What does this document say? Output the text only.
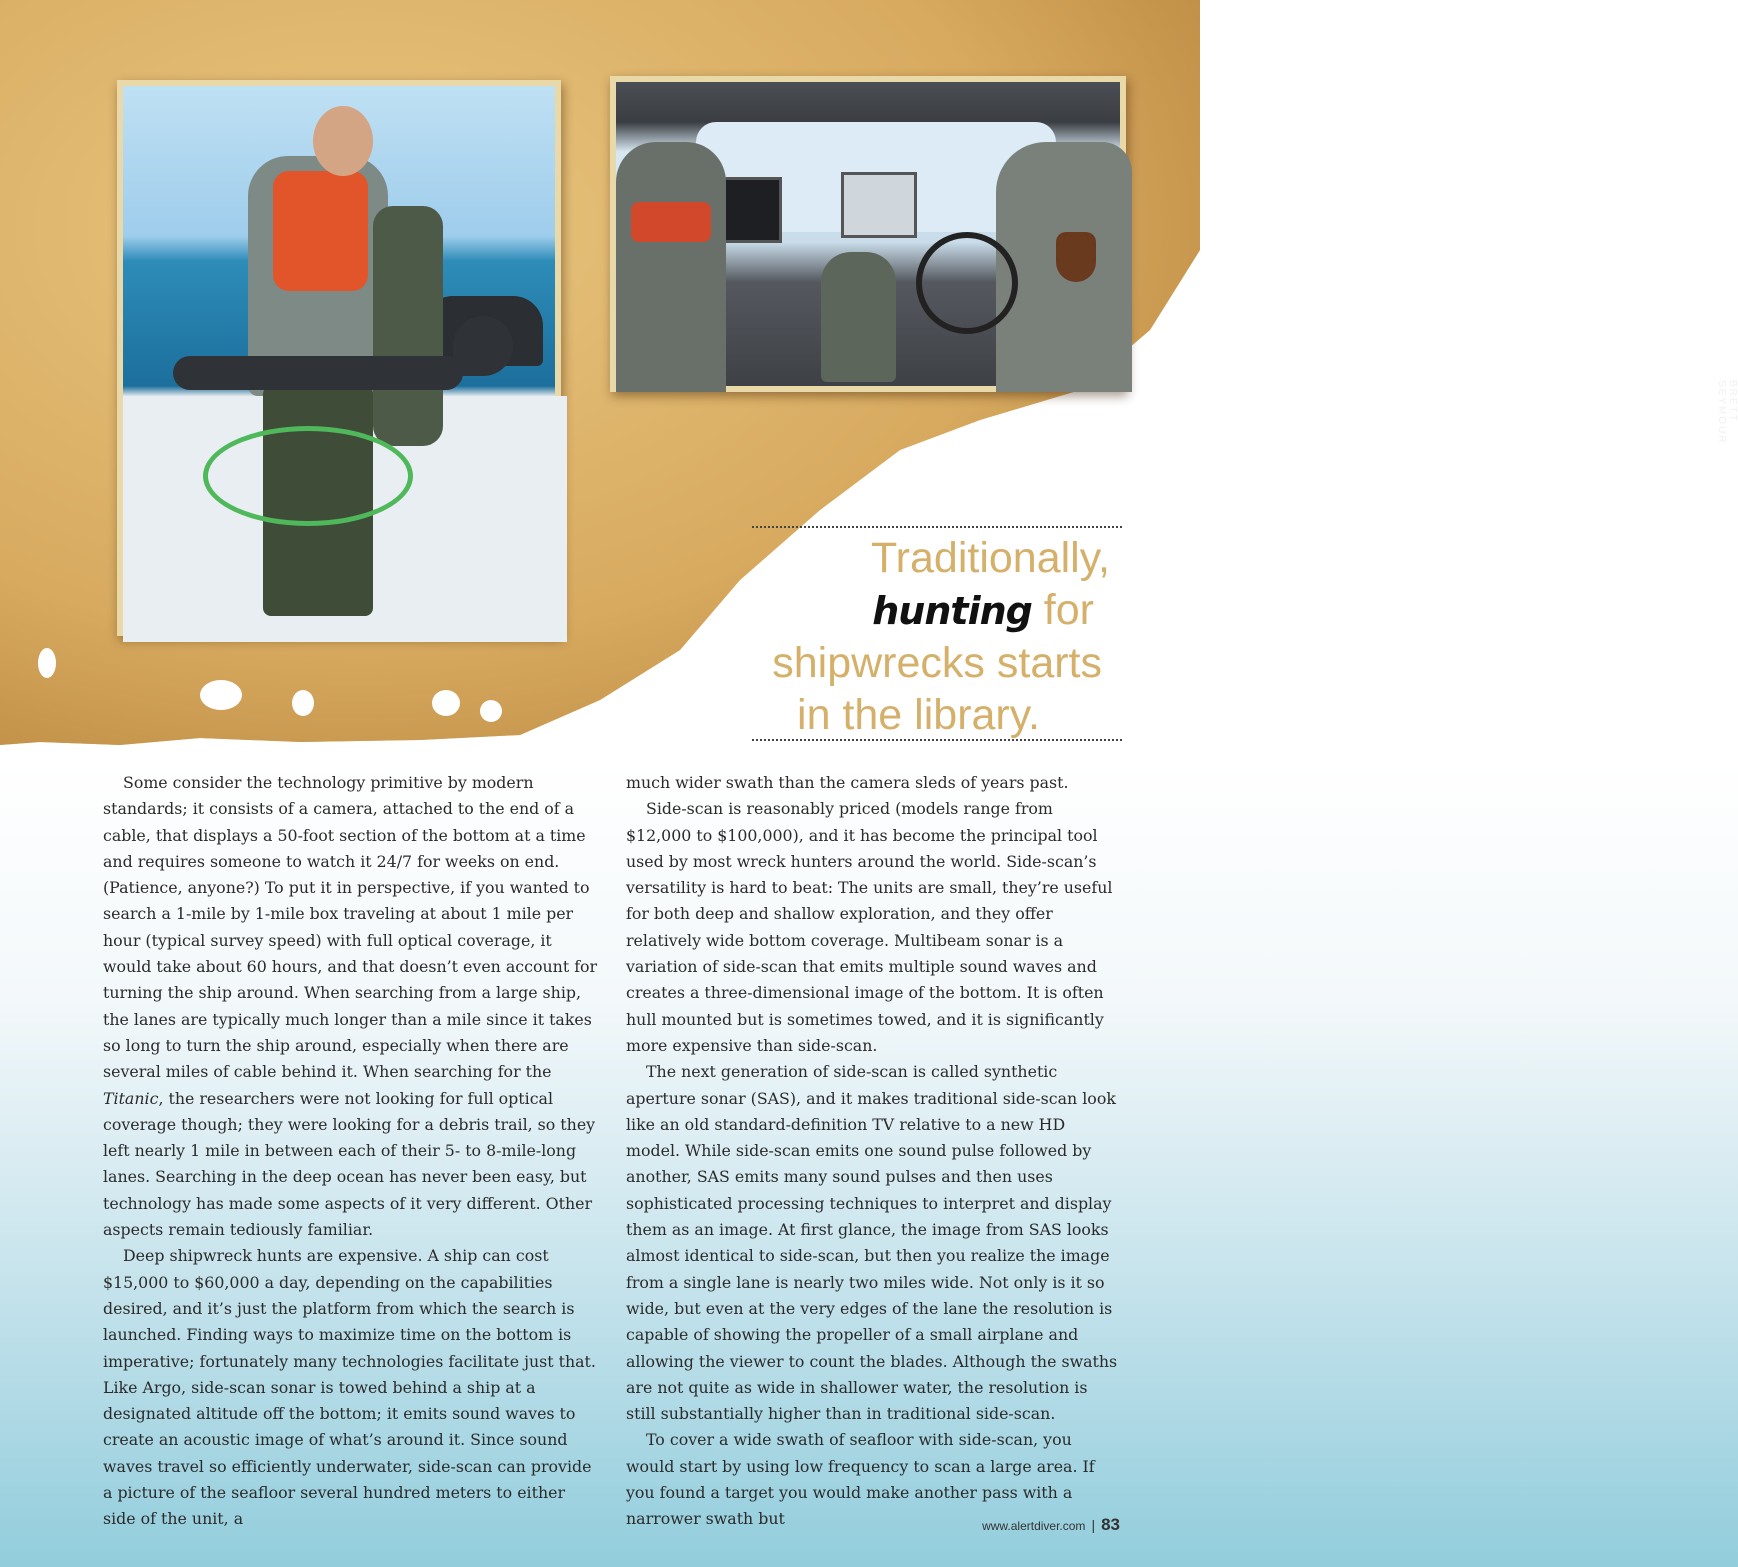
BRETT SEYMOUR
Traditionally,
hunting for
shipwrecks starts
in the library.

Some consider the technology primitive by modern standards; it consists of a camera, attached to the end of a cable, that displays a 50-foot section of the bottom at a time and requires someone to watch it 24/7 for weeks on end. (Patience, anyone?) To put it in perspective, if you wanted to search a 1-mile by 1-mile box traveling at about 1 mile per hour (typical survey speed) with full optical coverage, it would take about 60 hours, and that doesn’t even account for turning the ship around. When searching from a large ship, the lanes are typically much longer than a mile since it takes so long to turn the ship around, especially when there are several miles of cable behind it. When searching for the Titanic, the researchers were not looking for full optical coverage though; they were looking for a debris trail, so they left nearly 1 mile in between each of their 5- to 8-mile-long lanes. Searching in the deep ocean has never been easy, but technology has made some aspects of it very different. Other aspects remain tediously familiar.

Deep shipwreck hunts are expensive. A ship can cost $15,000 to $60,000 a day, depending on the capabilities desired, and it’s just the platform from which the search is launched. Finding ways to maximize time on the bottom is imperative; fortunately many technologies facilitate just that. Like Argo, side-scan sonar is towed behind a ship at a designated altitude off the bottom; it emits sound waves to create an acoustic image of what’s around it. Since sound waves travel so efficiently underwater, side-scan can provide a picture of the seafloor several hundred meters to either side of the unit, a

much wider swath than the camera sleds of years past.

Side-scan is reasonably priced (models range from $12,000 to $100,000), and it has become the principal tool used by most wreck hunters around the world. Side-scan’s versatility is hard to beat: The units are small, they’re useful for both deep and shallow exploration, and they offer relatively wide bottom coverage. Multibeam sonar is a variation of side-scan that emits multiple sound waves and creates a three-dimensional image of the bottom. It is often hull mounted but is sometimes towed, and it is significantly more expensive than side-scan.

The next generation of side-scan is called synthetic aperture sonar (SAS), and it makes traditional side-scan look like an old standard-definition TV relative to a new HD model. While side-scan emits one sound pulse followed by another, SAS emits many sound pulses and then uses sophisticated processing techniques to interpret and display them as an image. At first glance, the image from SAS looks almost identical to side-scan, but then you realize the image from a single lane is nearly two miles wide. Not only is it so wide, but even at the very edges of the lane the resolution is capable of showing the propeller of a small airplane and allowing the viewer to count the blades. Although the swaths are not quite as wide in shallower water, the resolution is still substantially higher than in traditional side-scan.

To cover a wide swath of seafloor with side-scan, you would start by using low frequency to scan a large area. If you found a target you would make another pass with a narrower swath but	www.alertdiver.com | 83
